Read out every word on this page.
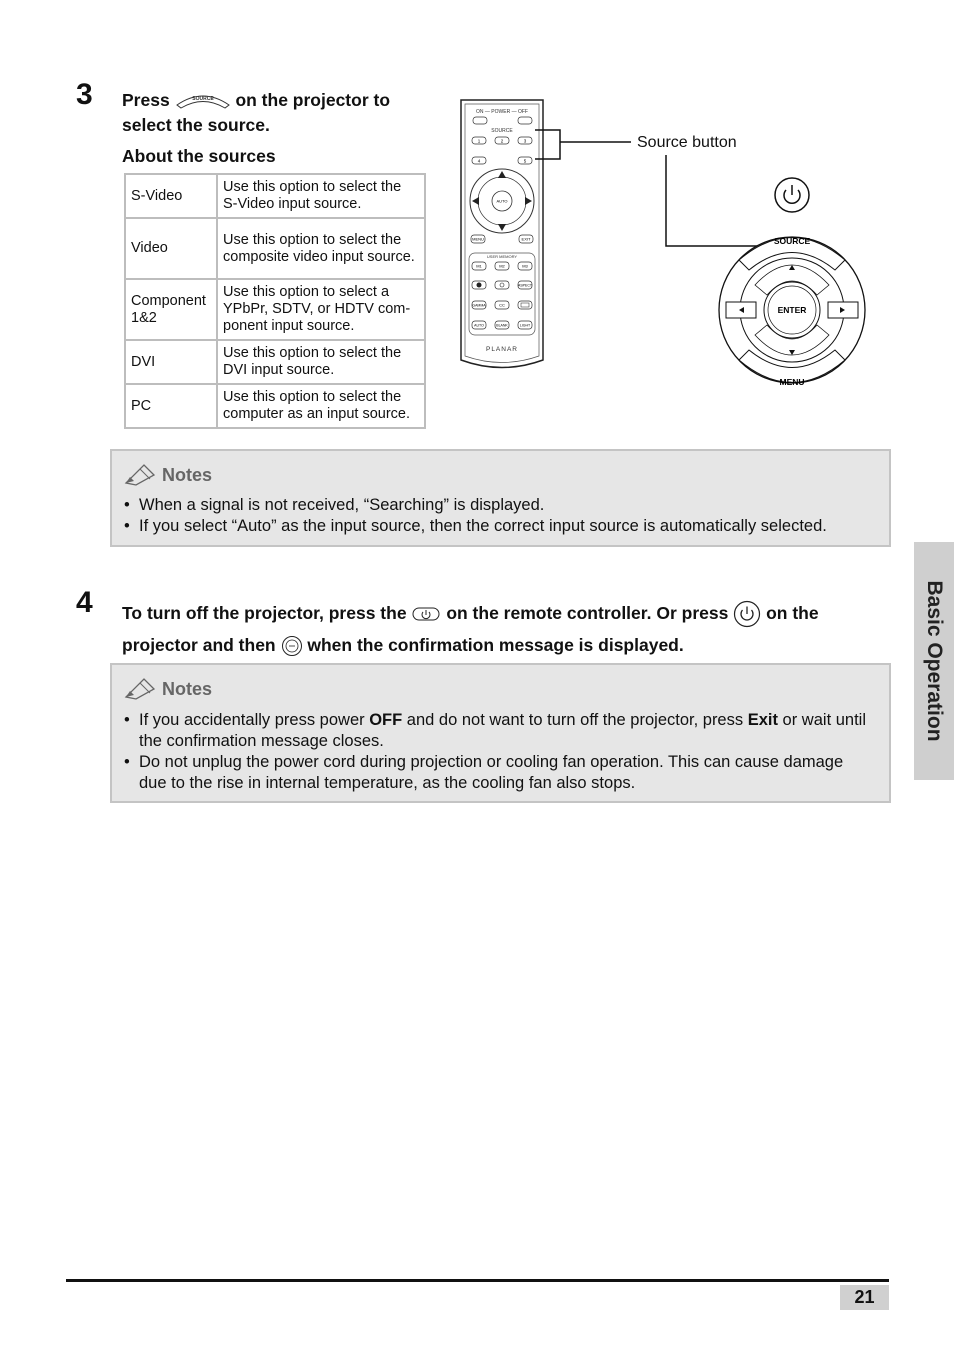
3 Press	SOURCE on the projector to
select the source.
About the sources
S-Video	Use this option to select the S-Video input source.
Video	Use this option to select the composite video input source.
Component 1&2	Use this option to select a YPbPr, SDTV, or HDTV com-ponent input source.
DVI	Use this option to select the DVI input source.
PC	Use this option to select the computer as an input source.
ON — POWER — OFF
SOURCE
1	2	3
4	5
AUTO
MENU	EXIT
USER MEMORY
M1	M2	M3
ASPECT
GAMMA	CC
AUTO	BLANK	LIGHT
PLANAR
Source button
SOURCE
MENU
ENTER
Notes
• When a signal is not received, “Searching” is displayed.
• If you select “Auto” as the input source, then the correct input source is automatically selected.
4 To turn off the projector, press the on the remote controller. Or press on the
projector and then when the confirmation message is displayed.
Notes
• If you accidentally press power OFF and do not want to turn off the projector, press Exit or wait until the confirmation message closes.
• Do not unplug the power cord during projection or cooling fan operation. This can cause damage due to the rise in internal temperature, as the cooling fan also stops.
Basic Operation
21
